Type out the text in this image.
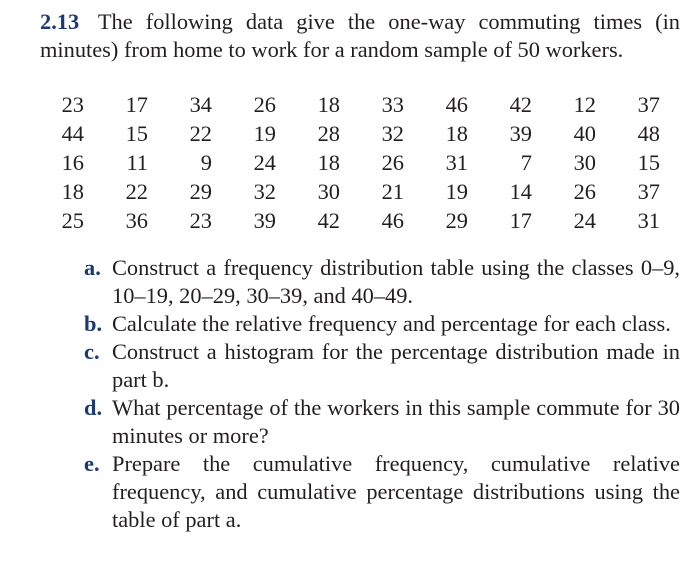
2.13 The following data give the one-way commuting times (in minutes) from home to work for a random sample of 50 workers.
23	17	34	26	18	33	46	42	12	37
44	15	22	19	28	32	18	39	40	48
16	11	9	24	18	26	31	7	30	15
18	22	29	32	30	21	19	14	26	37
25	36	23	39	42	46	29	17	24	31
a. Construct a frequency distribution table using the classes 0–9, 10–19, 20–29, 30–39, and 40–49.
b. Calculate the relative frequency and percentage for each class.
c. Construct a histogram for the percentage distribution made in part b.
d. What percentage of the workers in this sample commute for 30 minutes or more?
e. Prepare the cumulative frequency, cumulative relative frequency, and cumulative percentage distributions using the table of part a.
